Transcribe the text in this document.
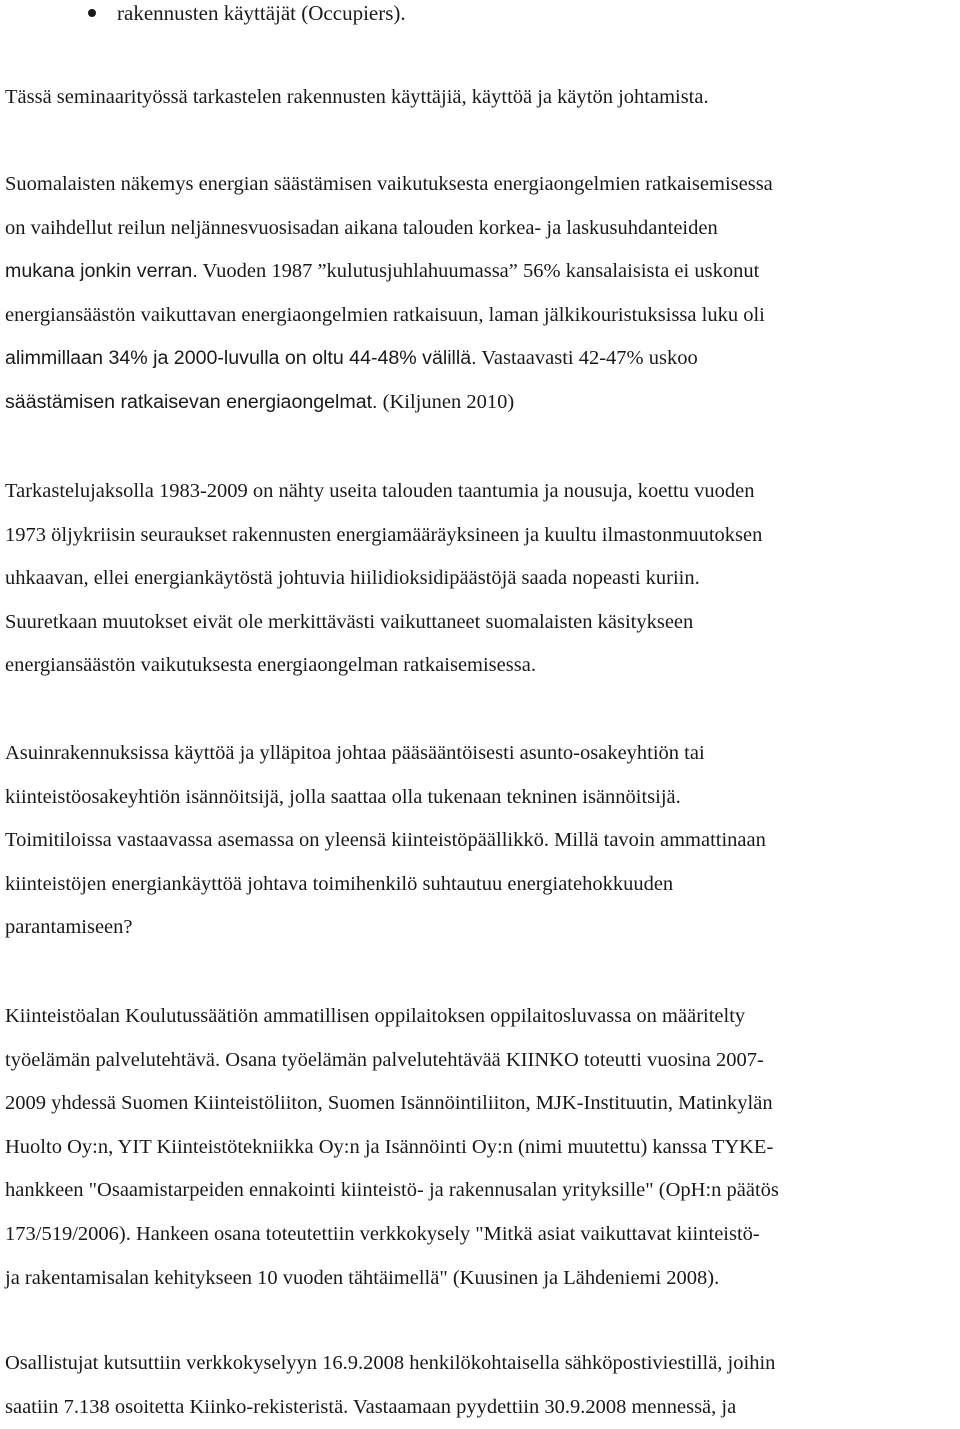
rakennusten käyttäjät (Occupiers).
Tässä seminaarityössä tarkastelen rakennusten käyttäjiä, käyttöä ja käytön johtamista.
Suomalaisten näkemys energian säästämisen vaikutuksesta energiaongelmien ratkaisemisessa
on vaihdellut reilun neljännesvuosisadan aikana talouden korkea- ja laskusuhdanteiden
mukana jonkin verran. Vuoden 1987 ”kulutusjuhlahuumassa” 56% kansalaisista ei uskonut
energiansäästön vaikuttavan energiaongelmien ratkaisuun, laman jälkikouristuksissa luku oli
alimmillaan 34% ja 2000-luvulla on oltu 44-48% välillä. Vastaavasti 42-47% uskoo
säästämisen ratkaisevan energiaongelmat. (Kiljunen 2010)
Tarkastelujaksolla 1983-2009 on nähty useita talouden taantumia ja nousuja, koettu vuoden
1973 öljykriisin seuraukset rakennusten energiamääräyksineen ja kuultu ilmastonmuutoksen
uhkaavan, ellei energiankäytöstä johtuvia hiilidioksidipäästöjä saada nopeasti kuriin.
Suuretkaan muutokset eivät ole merkittävästi vaikuttaneet suomalaisten käsitykseen
energiansäästön vaikutuksesta energiaongelman ratkaisemisessa.
Asuinrakennuksissa käyttöä ja ylläpitoa johtaa pääsääntöisesti asunto-osakeyhtiön tai
kiinteistöosakeyhtiön isännöitsijä, jolla saattaa olla tukenaan tekninen isännöitsijä.
Toimitiloissa vastaavassa asemassa on yleensä kiinteistöpäällikkö. Millä tavoin ammattinaan
kiinteistöjen energiankäyttöä johtava toimihenkilö suhtautuu energiatehokkuuden
parantamiseen?
Kiinteistöalan Koulutussäätiön ammatillisen oppilaitoksen oppilaitosluvassa on määritelty
työelämän palvelutehtävä. Osana työelämän palvelutehtävää KIINKO toteutti vuosina 2007-
2009 yhdessä Suomen Kiinteistöliiton, Suomen Isännöintiliiton, MJK-Instituutin, Matinkylän
Huolto Oy:n, YIT Kiinteistötekniikka Oy:n ja Isännöinti Oy:n (nimi muutettu) kanssa TYKE-
hankkeen "Osaamistarpeiden ennakointi kiinteistö- ja rakennusalan yrityksille" (OpH:n päätös
173/519/2006). Hankeen osana toteutettiin verkkokysely "Mitkä asiat vaikuttavat kiinteistö-
ja rakentamisalan kehitykseen 10 vuoden tähtäimellä" (Kuusinen ja Lähdeniemi 2008).
Osallistujat kutsuttiin verkkokyselyyn 16.9.2008 henkilökohtaisella sähköpostiviestillä, joihin
saatiin 7.138 osoitetta Kiinko-rekisteristä. Vastaamaan pyydettiin 30.9.2008 mennessä, ja
